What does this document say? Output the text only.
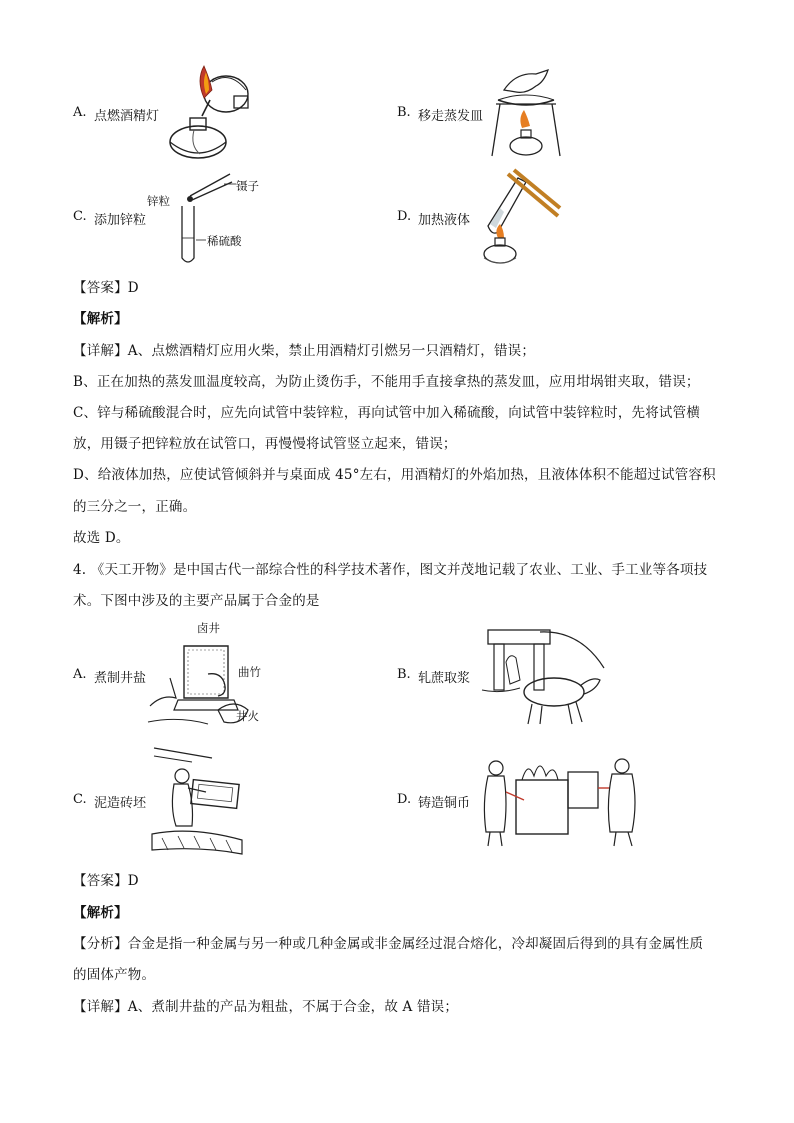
A. 点燃酒精灯	B. 移走蒸发皿
C. 添加锌粒
锌粒
镊子
稀硫酸
D. 加热液体
【答案】D
【解析】
【详解】A、点燃酒精灯应用火柴，禁止用酒精灯引燃另一只酒精灯，错误；
B、正在加热的蒸发皿温度较高，为防止烫伤手，不能用手直接拿热的蒸发皿，应用坩埚钳夹取，错误；
C、锌与稀硫酸混合时，应先向试管中装锌粒，再向试管中加入稀硫酸，向试管中装锌粒时，先将试管横
放，用镊子把锌粒放在试管口，再慢慢将试管竖立起来，错误；
D、给液体加热，应使试管倾斜并与桌面成 45°左右，用酒精灯的外焰加热，且液体体积不能超过试管容积
的三分之一，正确。
故选 D。
4. 《天工开物》是中国古代一部综合性的科学技术著作，图文并茂地记载了农业、工业、手工业等各项技
术。下图中涉及的主要产品属于合金的是
A. 煮制井盐
卤井
曲竹
井火
B. 轧蔗取浆
C. 泥造砖坯	D. 铸造铜币
【答案】D
【解析】
【分析】合金是指一种金属与另一种或几种金属或非金属经过混合熔化，冷却凝固后得到的具有金属性质
的固体产物。
【详解】A、煮制井盐的产品为粗盐，不属于合金，故 A 错误；
